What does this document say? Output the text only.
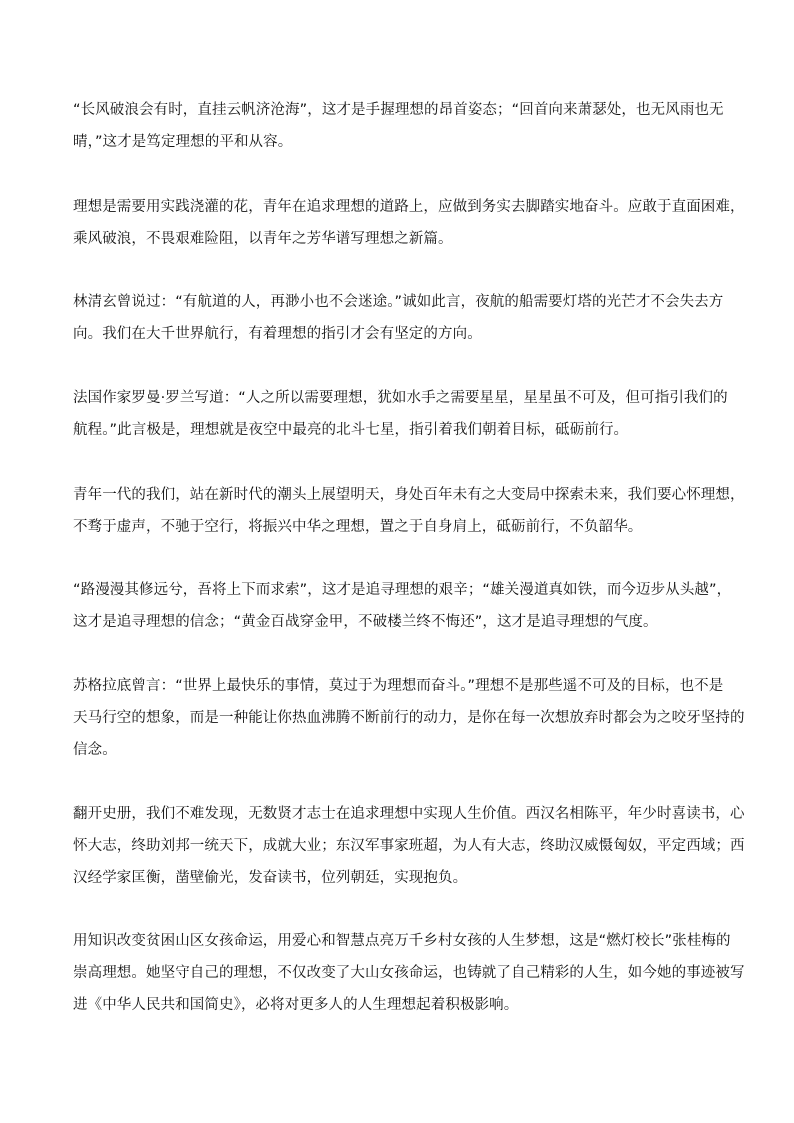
“长风破浪会有时，直挂云帆济沧海”，这才是手握理想的昂首姿态；“回首向来萧瑟处，也无风雨也无
晴，”这才是笃定理想的平和从容。

理想是需要用实践浇灌的花，青年在追求理想的道路上，应做到务实去脚踏实地奋斗。应敢于直面困难，
乘风破浪，不畏艰难险阻，以青年之芳华谱写理想之新篇。

林清玄曾说过：“有航道的人，再渺小也不会迷途。”诚如此言，夜航的船需要灯塔的光芒才不会失去方
向。我们在大千世界航行，有着理想的指引才会有坚定的方向。

法国作家罗曼·罗兰写道：“人之所以需要理想，犹如水手之需要星星，星星虽不可及，但可指引我们的
航程。”此言极是，理想就是夜空中最亮的北斗七星，指引着我们朝着目标，砥砺前行。

青年一代的我们，站在新时代的潮头上展望明天，身处百年未有之大变局中探索未来，我们要心怀理想，
不骛于虚声，不驰于空行，将振兴中华之理想，置之于自身肩上，砥砺前行，不负韶华。

“路漫漫其修远兮，吾将上下而求索”，这才是追寻理想的艰辛；“雄关漫道真如铁，而今迈步从头越”，
这才是追寻理想的信念；“黄金百战穿金甲，不破楼兰终不悔还”，这才是追寻理想的气度。

苏格拉底曾言：“世界上最快乐的事情，莫过于为理想而奋斗。”理想不是那些遥不可及的目标，也不是
天马行空的想象，而是一种能让你热血沸腾不断前行的动力，是你在每一次想放弃时都会为之咬牙坚持的
信念。

翻开史册，我们不难发现，无数贤才志士在追求理想中实现人生价值。西汉名相陈平，年少时喜读书，心
怀大志，终助刘邦一统天下，成就大业；东汉军事家班超，为人有大志，终助汉威慑匈奴，平定西域；西
汉经学家匡衡，凿壁偷光，发奋读书，位列朝廷，实现抱负。

用知识改变贫困山区女孩命运，用爱心和智慧点亮万千乡村女孩的人生梦想，这是“燃灯校长”张桂梅的
崇高理想。她坚守自己的理想，不仅改变了大山女孩命运，也铸就了自己精彩的人生，如今她的事迹被写
进《中华人民共和国简史》，必将对更多人的人生理想起着积极影响。
